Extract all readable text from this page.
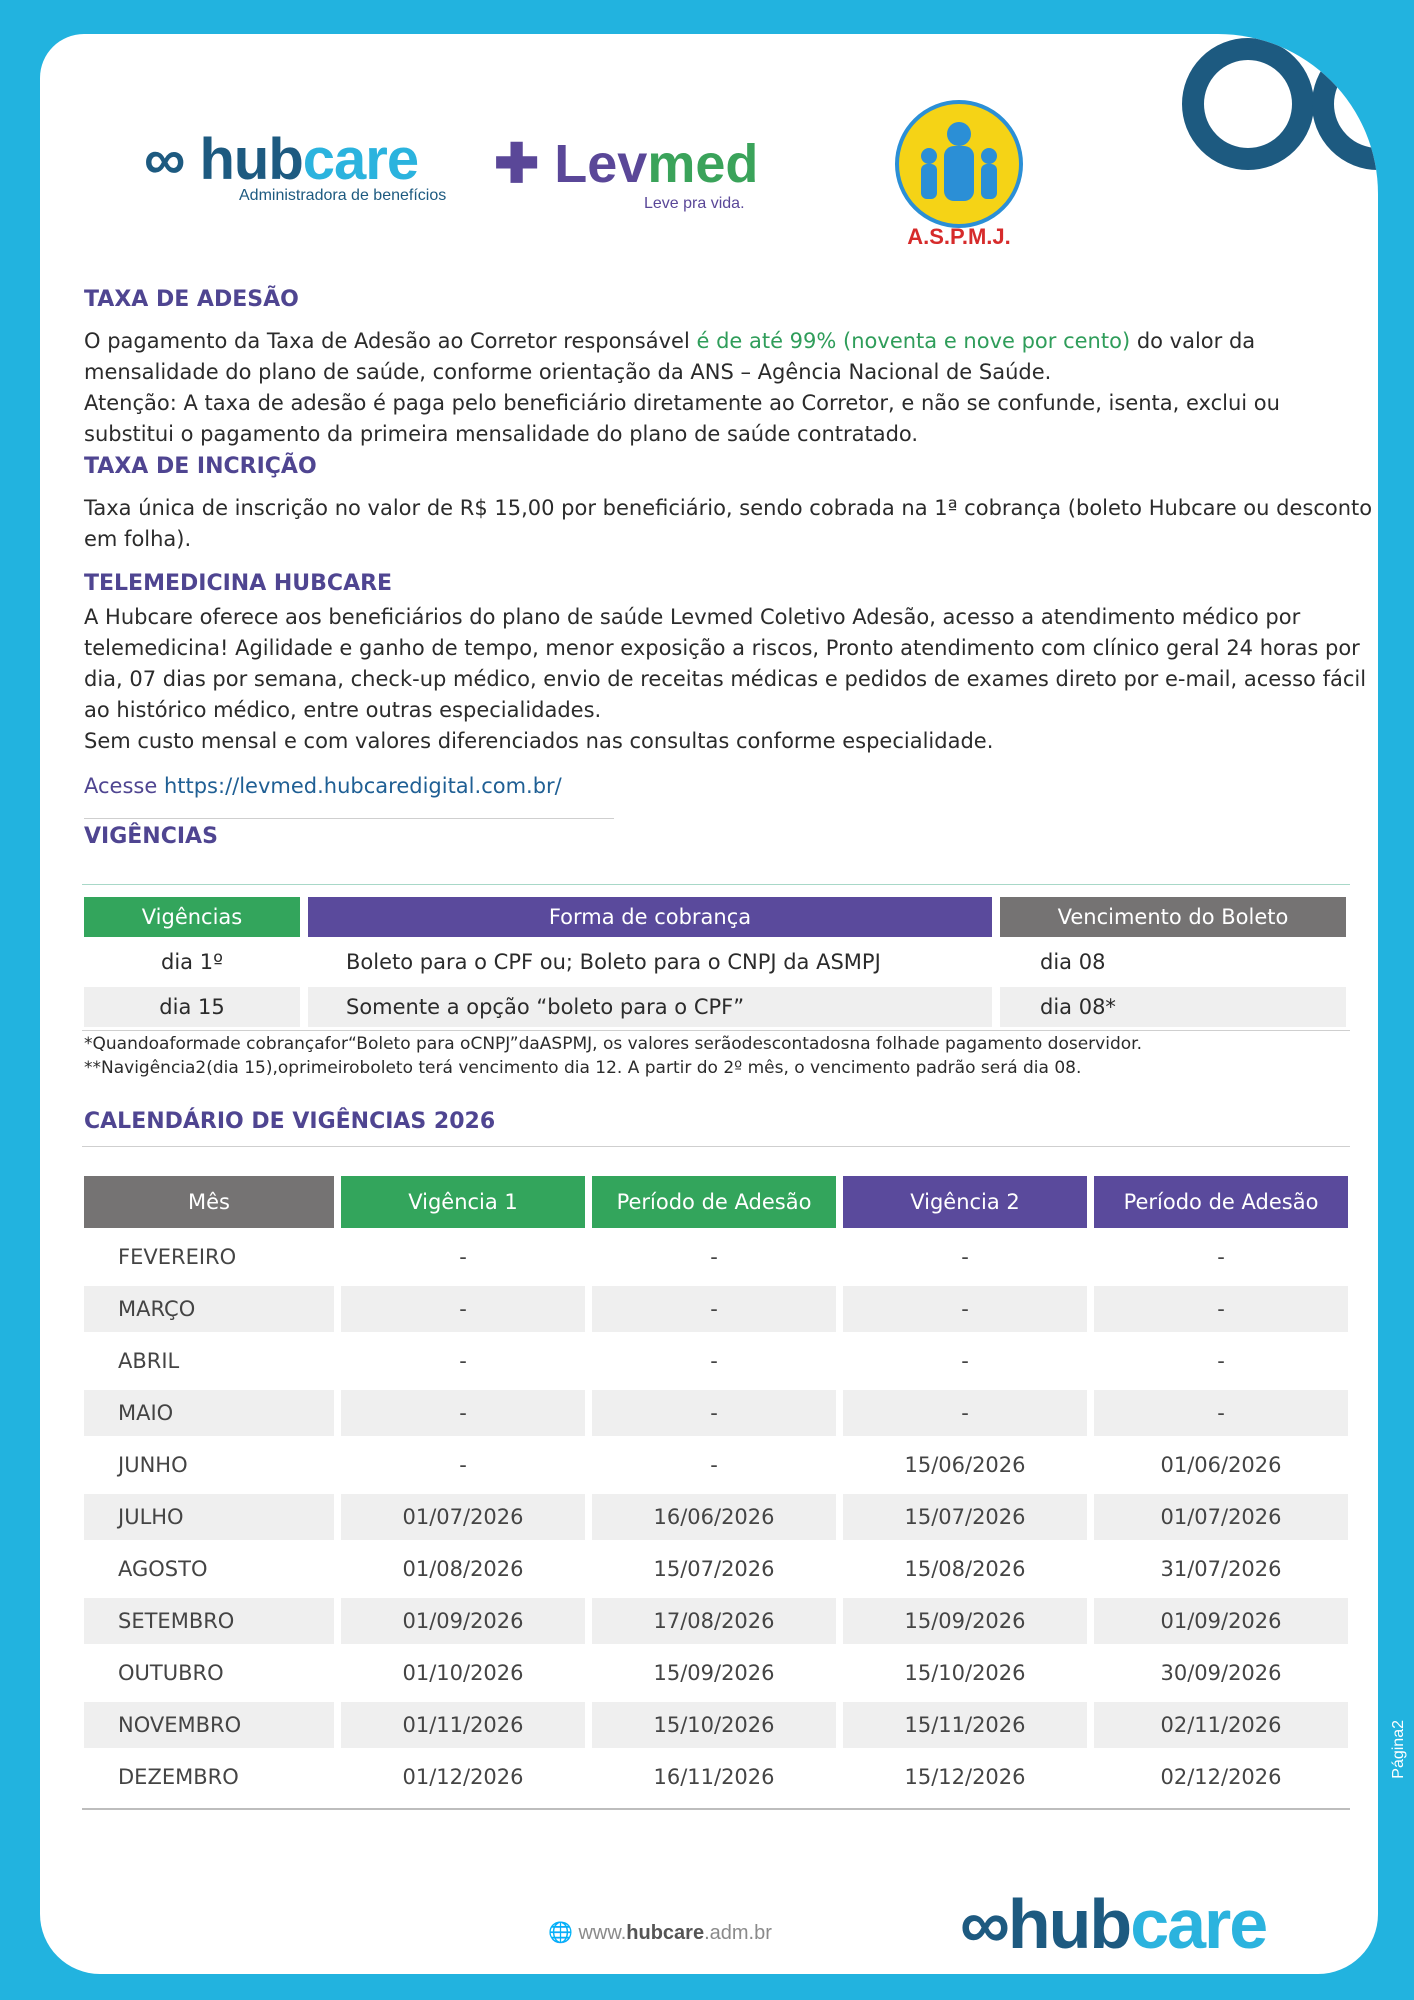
∞ hubcare
Administradora de benefícios
✚ Levmed
Leve pra vida.
A.S.P.M.J.
TAXA DE ADESÃO

O pagamento da Taxa de Adesão ao Corretor responsável é de até 99% (noventa e nove por cento) do valor da mensalidade do plano de saúde, conforme orientação da ANS – Agência Nacional de Saúde.

Atenção: A taxa de adesão é paga pelo beneficiário diretamente ao Corretor, e não se confunde, isenta, exclui ou substitui o pagamento da primeira mensalidade do plano de saúde contratado.

TAXA DE INCRIÇÃO

Taxa única de inscrição no valor de R$ 15,00 por beneficiário, sendo cobrada na 1ª cobrança (boleto Hubcare ou desconto em folha).

TELEMEDICINA HUBCARE

A Hubcare oferece aos beneficiários do plano de saúde Levmed Coletivo Adesão, acesso a atendimento médico por telemedicina! Agilidade e ganho de tempo, menor exposição a riscos, Pronto atendimento com clínico geral 24 horas por dia, 07 dias por semana, check-up médico, envio de receitas médicas e pedidos de exames direto por e-mail, acesso fácil ao histórico médico, entre outras especialidades.

Sem custo mensal e com valores diferenciados nas consultas conforme especialidade.

Acesse https://levmed.hubcaredigital.com.br/

VIGÊNCIAS
Vigências	Forma de cobrança	Vencimento do Boleto
dia 1º	Boleto para o CPF ou; Boleto para o CNPJ da ASMPJ	dia 08
dia 15	Somente a opção “boleto para o CPF”	dia 08*
*Quandoaformade cobrançafor“Boleto para oCNPJ”daASPMJ, os valores serãodescontadosna folhade pagamento doservidor.
**Navigência2(dia 15),oprimeiroboleto terá vencimento dia 12. A partir do 2º mês, o vencimento padrão será dia 08.
CALENDÁRIO DE VIGÊNCIAS 2026
Mês	Vigência 1	Período de Adesão	Vigência 2	Período de Adesão
FEVEREIRO	-	-	-	-
MARÇO	-	-	-	-
ABRIL	-	-	-	-
MAIO	-	-	-	-
JUNHO	-	-	15/06/2026	01/06/2026
JULHO	01/07/2026	16/06/2026	15/07/2026	01/07/2026
AGOSTO	01/08/2026	15/07/2026	15/08/2026	31/07/2026
SETEMBRO	01/09/2026	17/08/2026	15/09/2026	01/09/2026
OUTUBRO	01/10/2026	15/09/2026	15/10/2026	30/09/2026
NOVEMBRO	01/11/2026	15/10/2026	15/11/2026	02/11/2026
DEZEMBRO	01/12/2026	16/11/2026	15/12/2026	02/12/2026
🌐 www.hubcare.adm.br	∞hubcare
Página2
